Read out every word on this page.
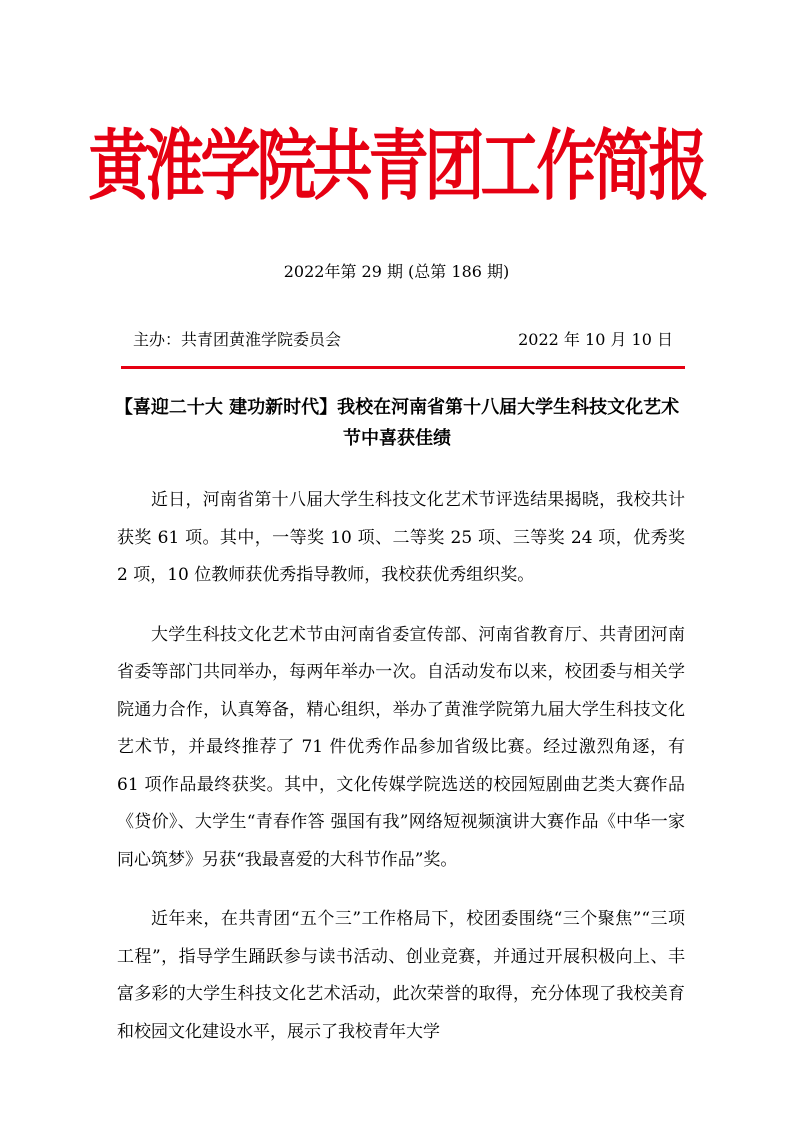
黄淮学院共青团工作简报
2022年第 29 期 (总第 186 期)
主办：共青团黄淮学院委员会	2022 年 10 月 10 日
【喜迎二十大 建功新时代】我校在河南省第十八届大学生科技文化艺术节中喜获佳绩

近日，河南省第十八届大学生科技文化艺术节评选结果揭晓，我校共计获奖 61 项。其中，一等奖 10 项、二等奖 25 项、三等奖 24 项，优秀奖 2 项，10 位教师获优秀指导教师，我校获优秀组织奖。

大学生科技文化艺术节由河南省委宣传部、河南省教育厅、共青团河南省委等部门共同举办，每两年举办一次。自活动发布以来，校团委与相关学院通力合作，认真筹备，精心组织，举办了黄淮学院第九届大学生科技文化艺术节，并最终推荐了 71 件优秀作品参加省级比赛。经过激烈角逐，有 61 项作品最终获奖。其中，文化传媒学院选送的校园短剧曲艺类大赛作品《贷价》、大学生“青春作答 强国有我”网络短视频演讲大赛作品《中华一家 同心筑梦》另获“我最喜爱的大科节作品”奖。

近年来，在共青团“五个三”工作格局下，校团委围绕“三个聚焦”“三项工程”，指导学生踊跃参与读书活动、创业竞赛，并通过开展积极向上、丰富多彩的大学生科技文化艺术活动，此次荣誉的取得，充分体现了我校美育和校园文化建设水平，展示了我校青年大学
